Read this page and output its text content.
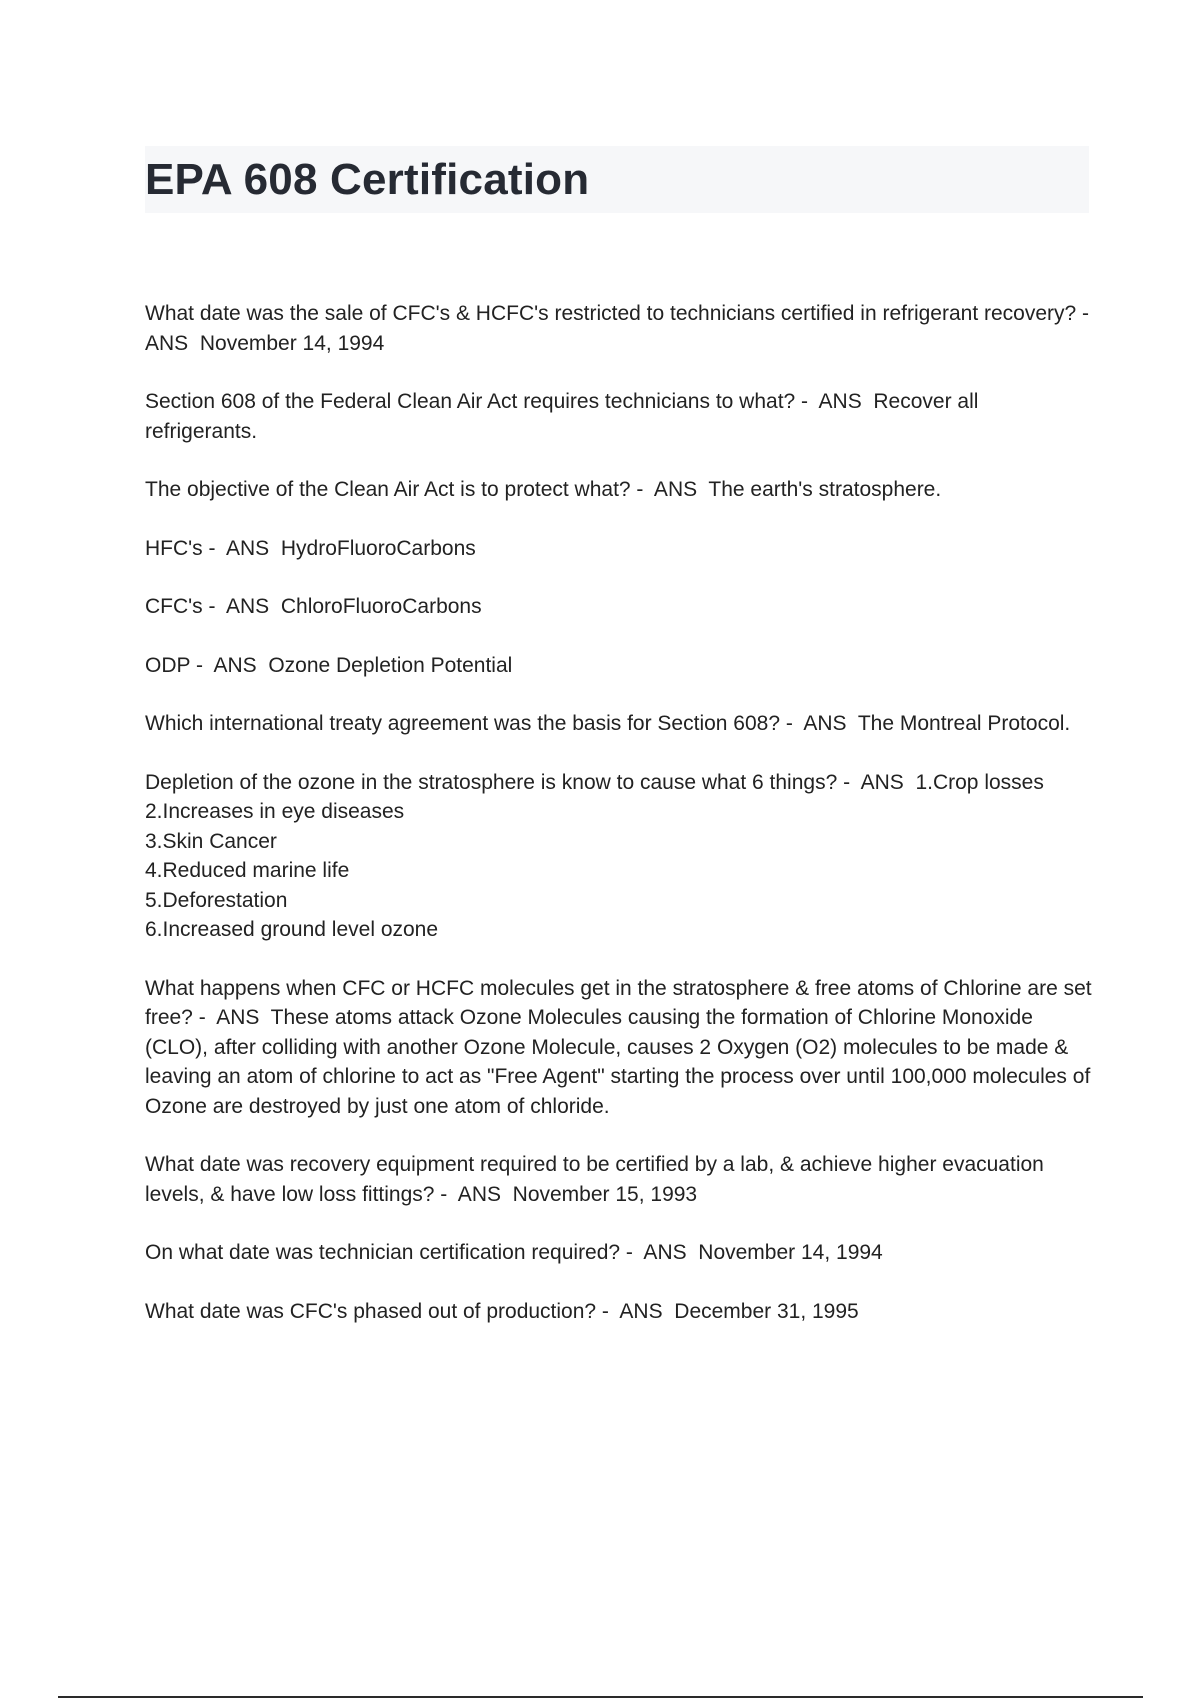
EPA 608 Certification

What date was the sale of CFC's & HCFC's restricted to technicians certified in refrigerant recovery? -  ANS  November 14, 1994

Section 608 of the Federal Clean Air Act requires technicians to what? -  ANS  Recover all refrigerants.

The objective of the Clean Air Act is to protect what? -  ANS  The earth's stratosphere.

HFC's -  ANS  HydroFluoroCarbons

CFC's -  ANS  ChloroFluoroCarbons

ODP -  ANS  Ozone Depletion Potential

Which international treaty agreement was the basis for Section 608? -  ANS  The Montreal Protocol.

Depletion of the ozone in the stratosphere is know to cause what 6 things? -  ANS  1.Crop losses
2.Increases in eye diseases
3.Skin Cancer
4.Reduced marine life
5.Deforestation
6.Increased ground level ozone

What happens when CFC or HCFC molecules get in the stratosphere & free atoms of Chlorine are set free? -  ANS  These atoms attack Ozone Molecules causing the formation of Chlorine Monoxide (CLO), after colliding with another Ozone Molecule, causes 2 Oxygen (O2) molecules to be made & leaving an atom of chlorine to act as "Free Agent" starting the process over until 100,000 molecules of Ozone are destroyed by just one atom of chloride.

What date was recovery equipment required to be certified by a lab, & achieve higher evacuation levels, & have low loss fittings? -  ANS  November 15, 1993

On what date was technician certification required? -  ANS  November 14, 1994

What date was CFC's phased out of production? -  ANS  December 31, 1995
